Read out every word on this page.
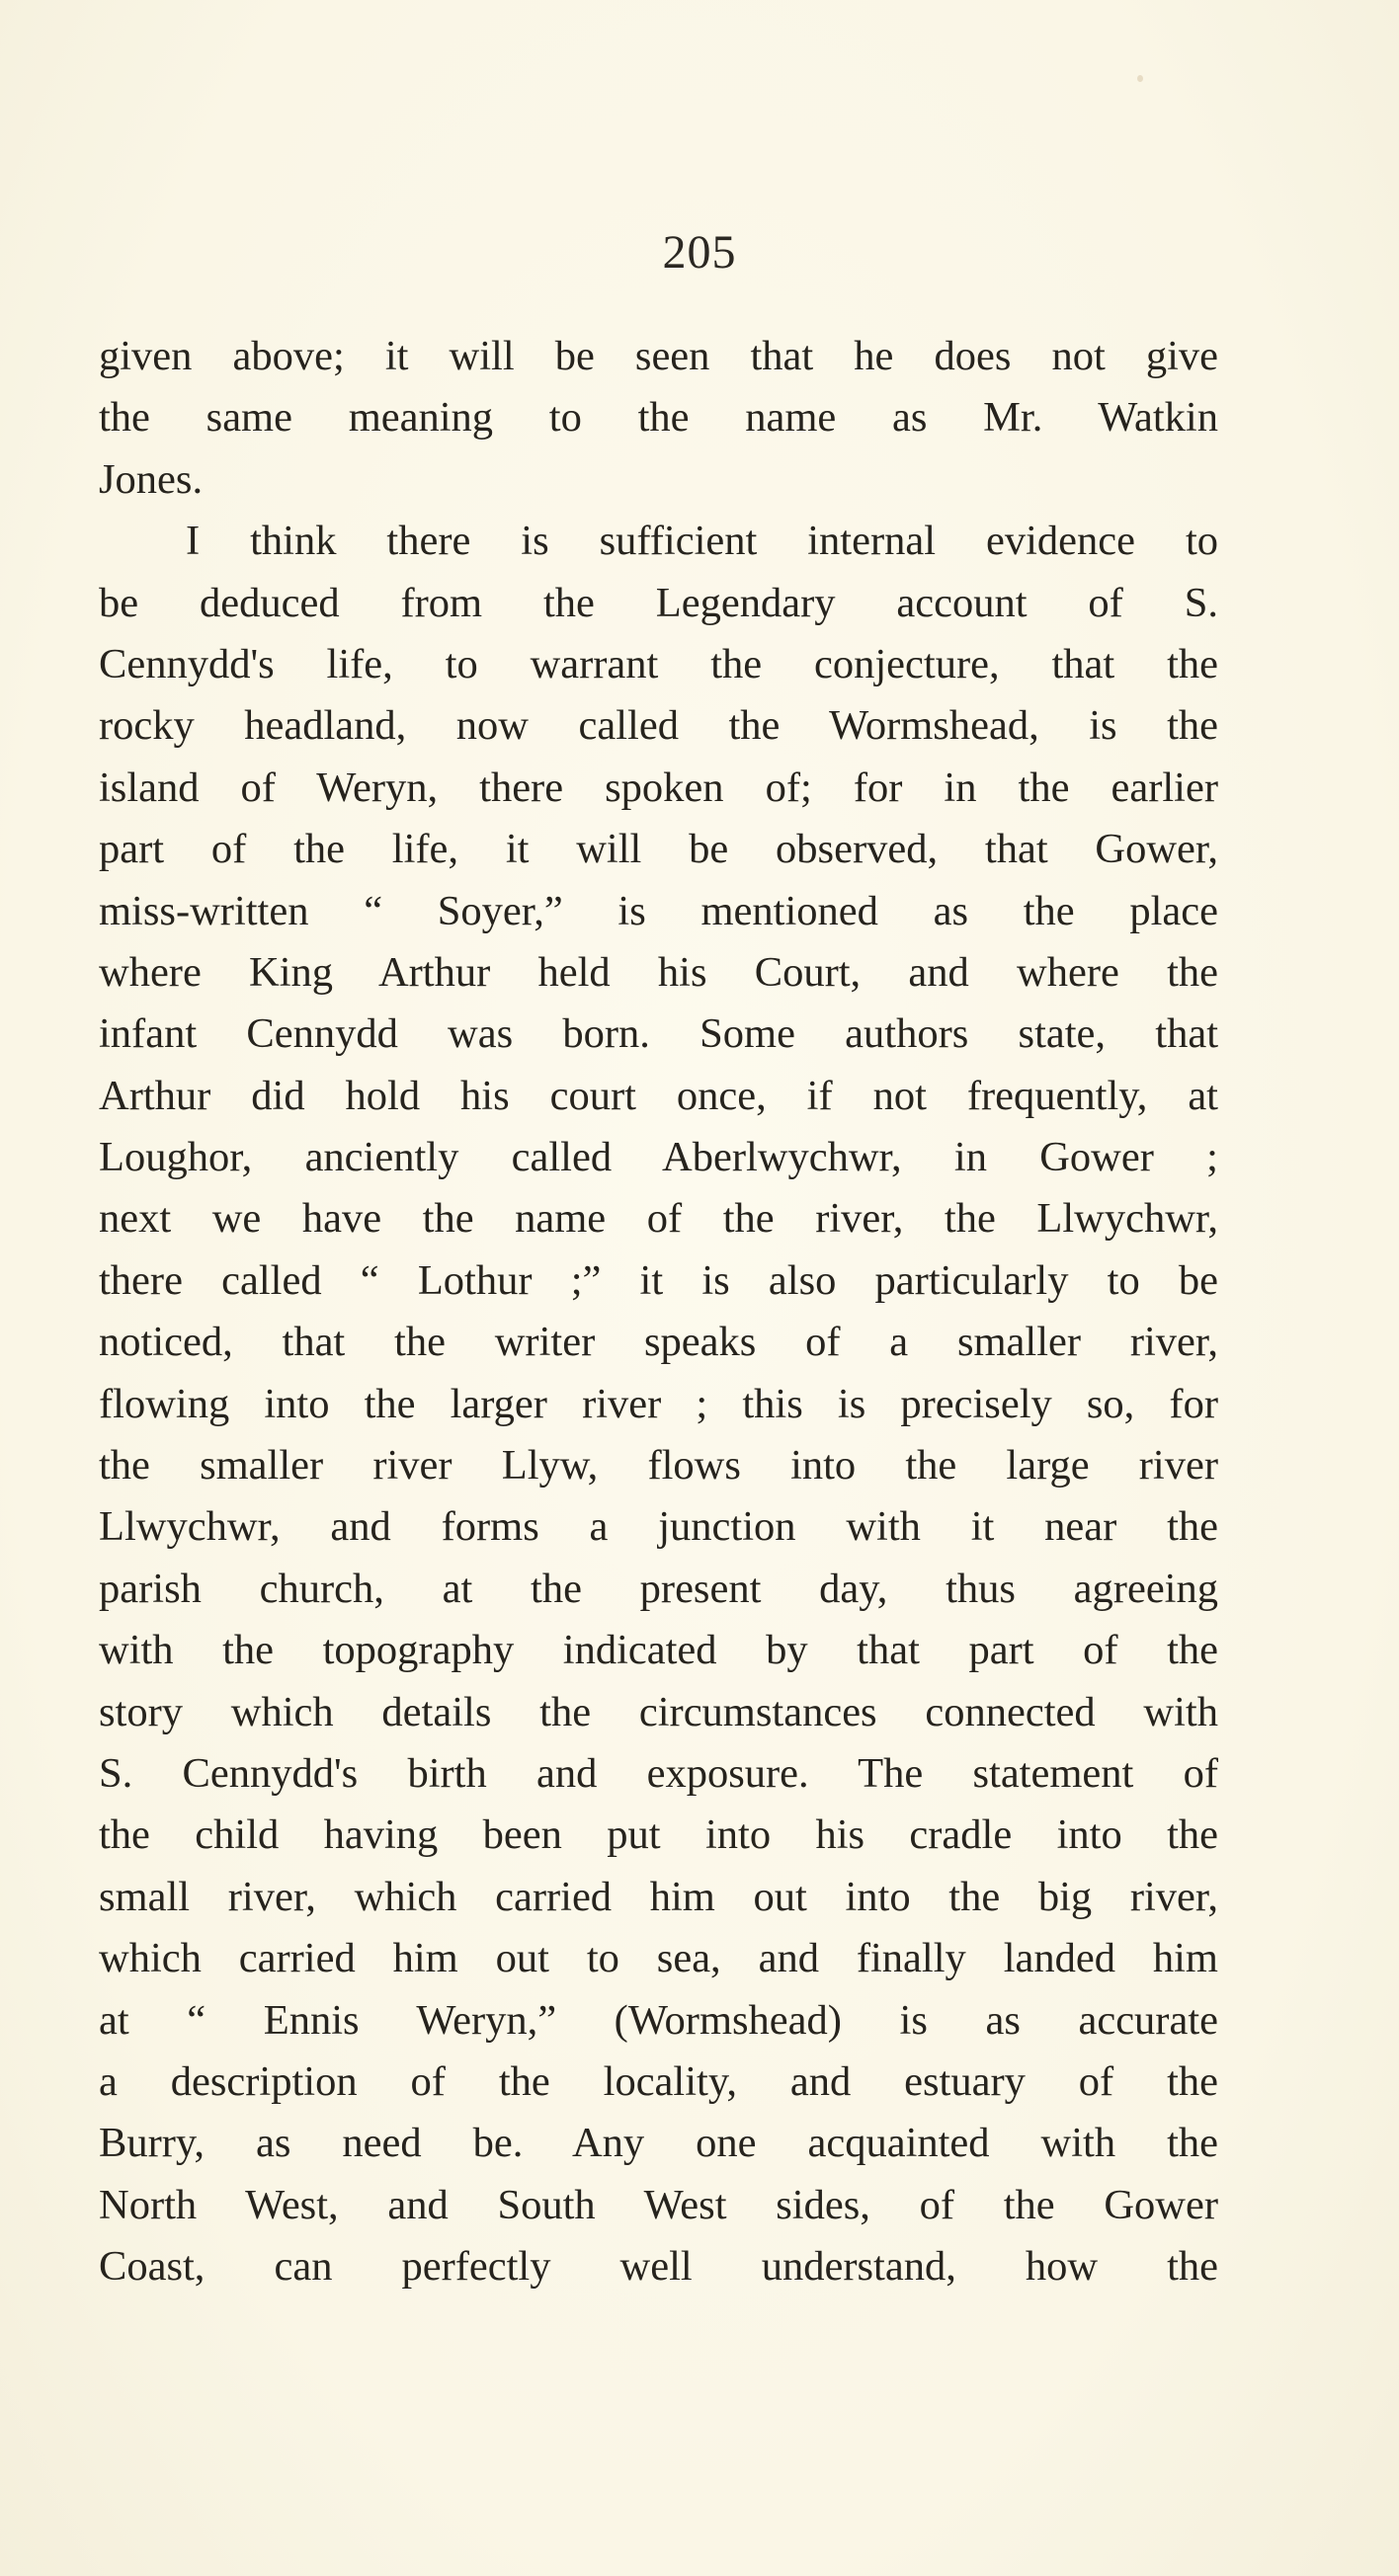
205
given above; it will be seen that he does not give
the same meaning to the name as Mr. Watkin
Jones.
I think there is sufficient internal evidence to
be deduced from the Legendary account of S.
Cennydd's life, to warrant the conjecture, that the
rocky headland, now called the Wormshead, is the
island of Weryn, there spoken of; for in the earlier
part of the life, it will be observed, that Gower,
miss-written “ Soyer,” is mentioned as the place
where King Arthur held his Court, and where the
infant Cennydd was born. Some authors state, that
Arthur did hold his court once, if not frequently, at
Loughor, anciently called Aberlwychwr, in Gower ;
next we have the name of the river, the Llwychwr,
there called “ Lothur ;” it is also particularly to be
noticed, that the writer speaks of a smaller river,
flowing into the larger river ; this is precisely so, for
the smaller river Llyw, flows into the large river
Llwychwr, and forms a junction with it near the
parish church, at the present day, thus agreeing
with the topography indicated by that part of the
story which details the circumstances connected with
S. Cennydd's birth and exposure. The statement of
the child having been put into his cradle into the
small river, which carried him out into the big river,
which carried him out to sea, and finally landed him
at “ Ennis Weryn,” (Wormshead) is as accurate
a description of the locality, and estuary of the
Burry, as need be. Any one acquainted with the
North West, and South West sides, of the Gower
Coast, can perfectly well understand, how the
